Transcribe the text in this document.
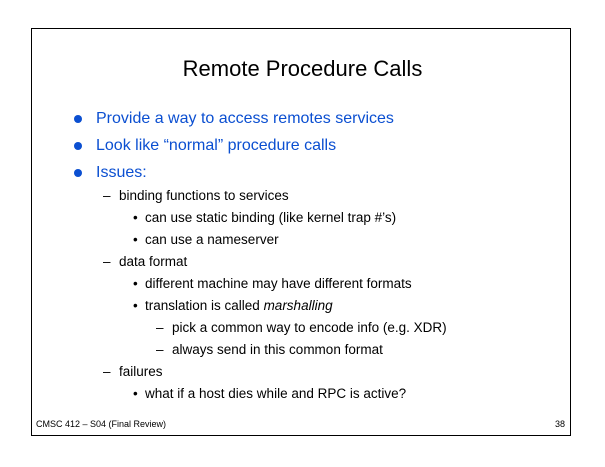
Remote Procedure Calls
Provide a way to access remotes services
Look like “normal” procedure calls
Issues:
– binding functions to services
• can use static binding (like kernel trap #’s)
• can use a nameserver
– data format
• different machine may have different formats
• translation is called marshalling
– pick a common way to encode info (e.g. XDR)
– always send in this common format
– failures
• what if a host dies while and RPC is active?
CMSC 412 – S04 (Final Review)	38
